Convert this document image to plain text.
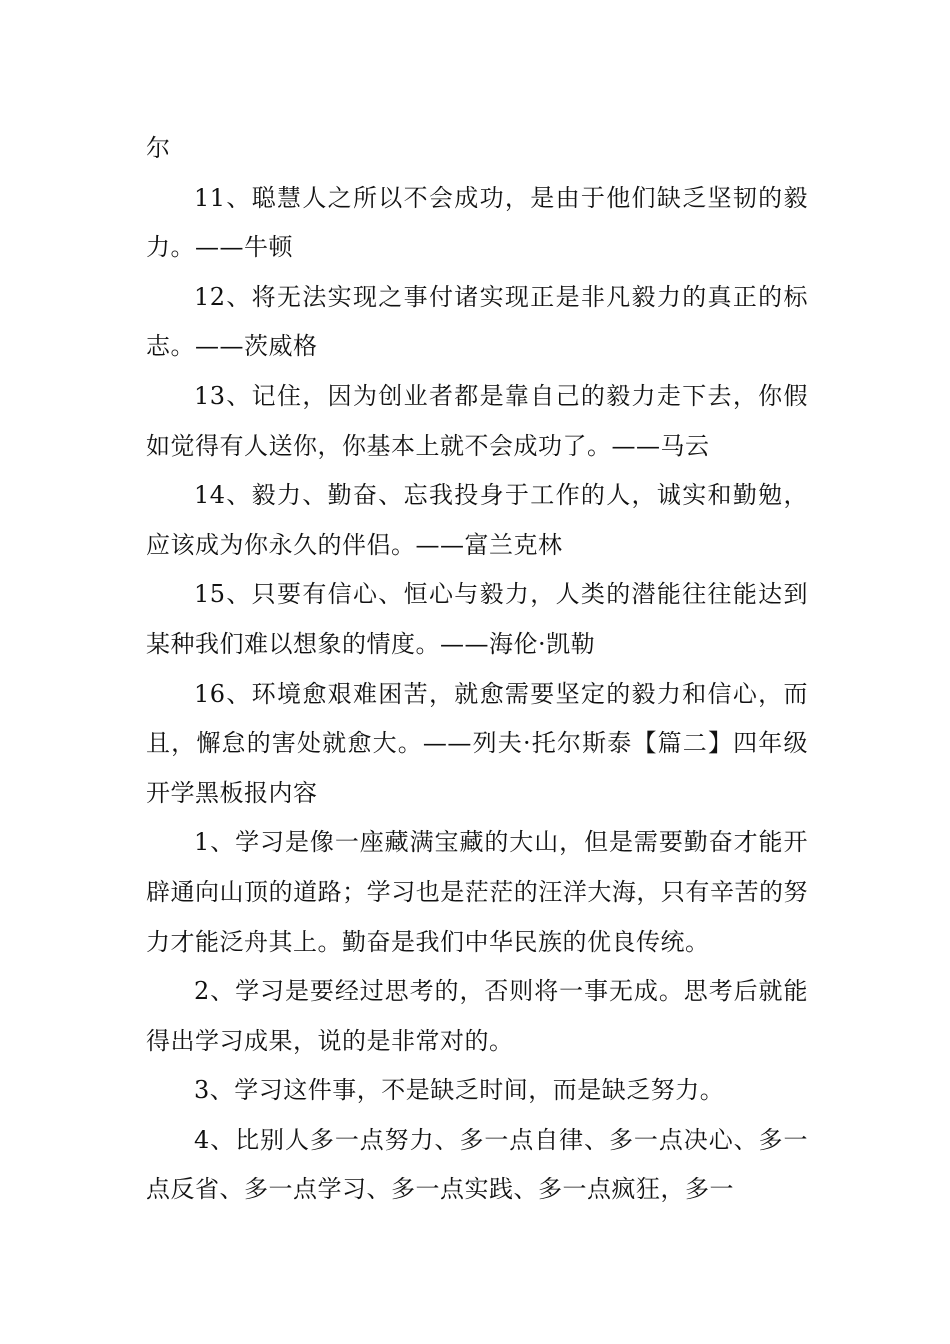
尔

11、聪慧人之所以不会成功，是由于他们缺乏坚韧的毅力。——牛顿

12、将无法实现之事付诸实现正是非凡毅力的真正的标志。——茨威格

13、记住，因为创业者都是靠自己的毅力走下去，你假如觉得有人送你，你基本上就不会成功了。——马云

14、毅力、勤奋、忘我投身于工作的人，诚实和勤勉，应该成为你永久的伴侣。——富兰克林

15、只要有信心、恒心与毅力，人类的潜能往往能达到某种我们难以想象的情度。——海伦·凯勒

16、环境愈艰难困苦，就愈需要坚定的毅力和信心，而且，懈怠的害处就愈大。——列夫·托尔斯泰【篇二】四年级开学黑板报内容

1、学习是像一座藏满宝藏的大山，但是需要勤奋才能开辟通向山顶的道路；学习也是茫茫的汪洋大海，只有辛苦的努力才能泛舟其上。勤奋是我们中华民族的优良传统。

2、学习是要经过思考的，否则将一事无成。思考后就能得出学习成果，说的是非常对的。

3、学习这件事，不是缺乏时间，而是缺乏努力。

4、比别人多一点努力、多一点自律、多一点决心、多一点反省、多一点学习、多一点实践、多一点疯狂，多一
